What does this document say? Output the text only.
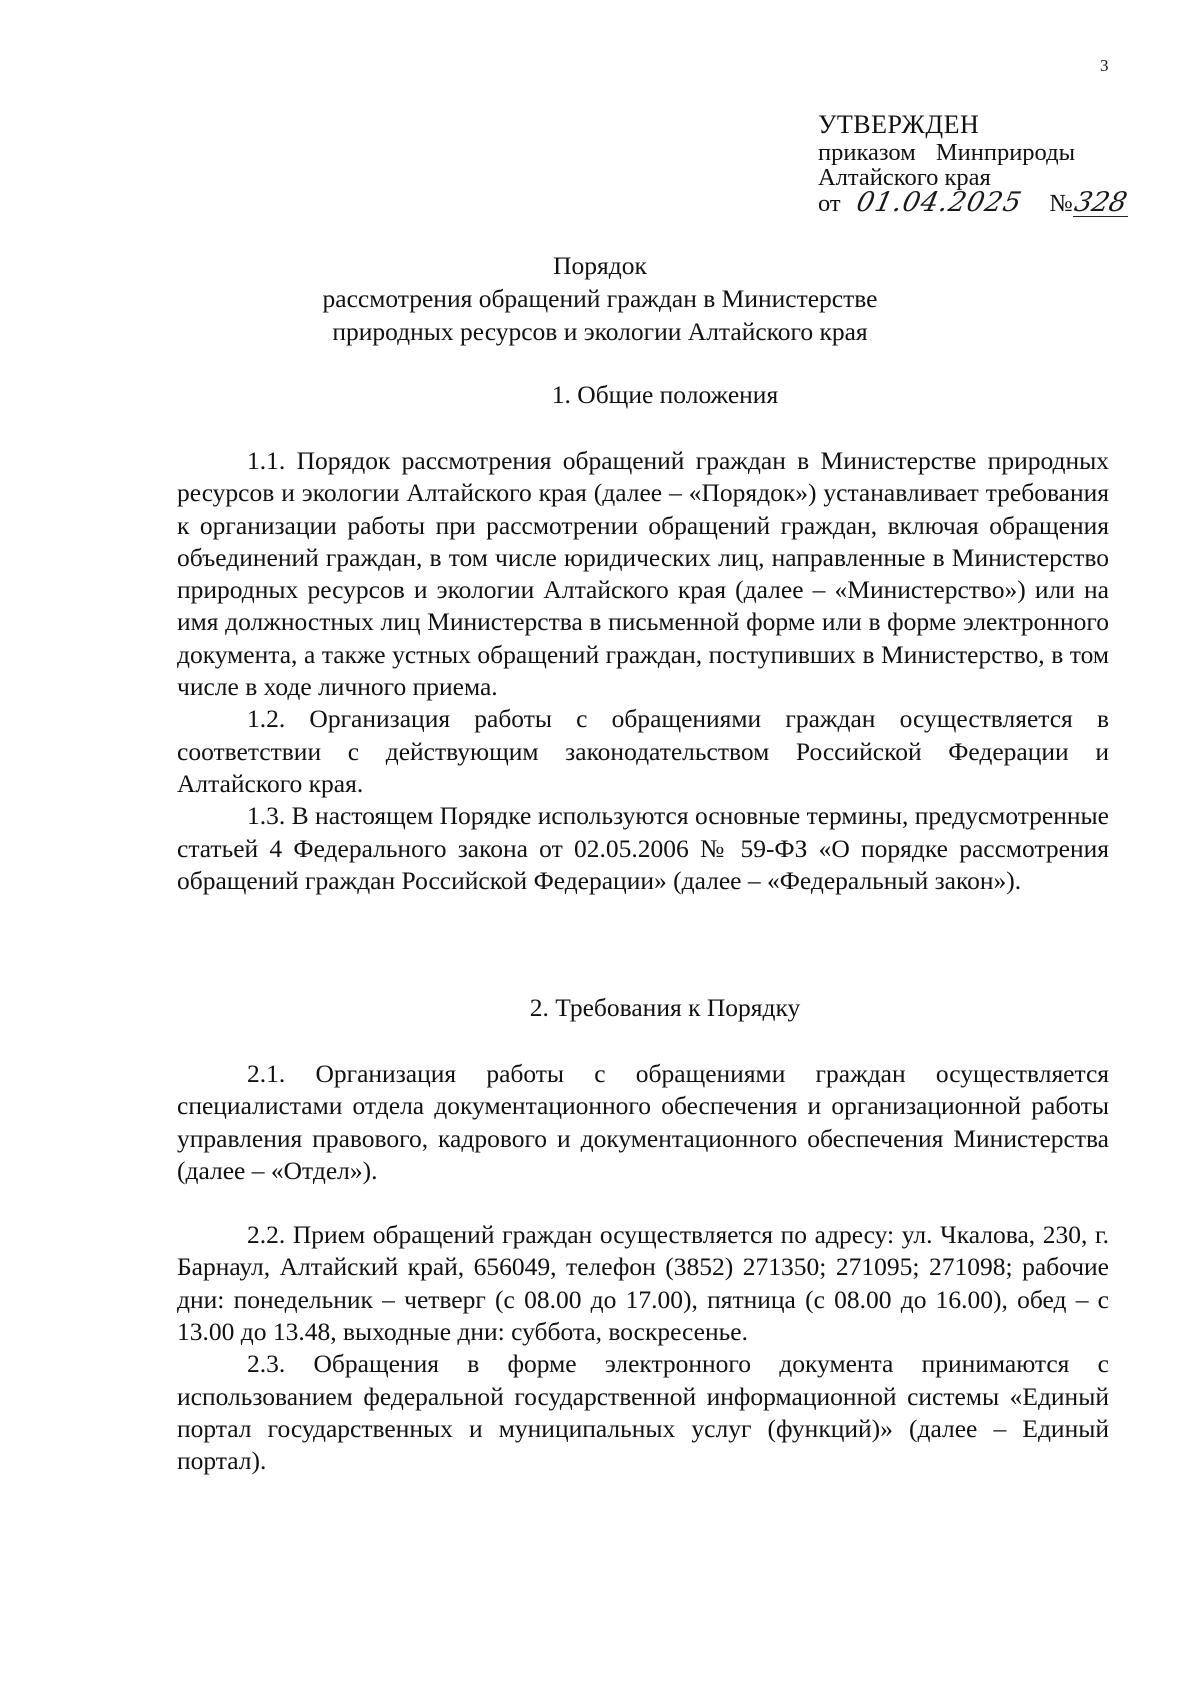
3
УТВЕРЖДЕН
приказом Минприроды
Алтайского края
от 01.04.2025 №328
Порядок
рассмотрения обращений граждан в Министерстве
природных ресурсов и экологии Алтайского края
1. Общие положения

1.1. Порядок рассмотрения обращений граждан в Министерстве природных ресурсов и экологии Алтайского края (далее – «Порядок») устанавливает требования к организации работы при рассмотрении обращений граждан, включая обращения объединений граждан, в том числе юридических лиц, направленные в Министерство природных ресурсов и экологии Алтайского края (далее – «Министерство») или на имя должностных лиц Министерства в письменной форме или в форме электронного документа, а также устных обращений граждан, поступивших в Министерство, в том числе в ходе личного приема.

1.2. Организация работы с обращениями граждан осуществляется в соответствии с действующим законодательством Российской Федерации и Алтайского края.

1.3. В настоящем Порядке используются основные термины, предусмотренные статьей 4 Федерального закона от 02.05.2006 № 59-ФЗ «О порядке рассмотрения обращений граждан Российской Федерации» (далее – «Федеральный закон»).

2. Требования к Порядку

2.1. Организация работы с обращениями граждан осуществляется специалистами отдела документационного обеспечения и организационной работы управления правового, кадрового и документационного обеспечения Министерства (далее – «Отдел»).

2.2. Прием обращений граждан осуществляется по адресу: ул. Чкалова, 230, г. Барнаул, Алтайский край, 656049, телефон (3852) 271350; 271095; 271098; рабочие дни: понедельник – четверг (с 08.00 до 17.00), пятница (с 08.00 до 16.00), обед – с 13.00 до 13.48, выходные дни: суббота, воскресенье.

2.3. Обращения в форме электронного документа принимаются с использованием федеральной государственной информационной системы «Единый портал государственных и муниципальных услуг (функций)» (далее – Единый портал).
